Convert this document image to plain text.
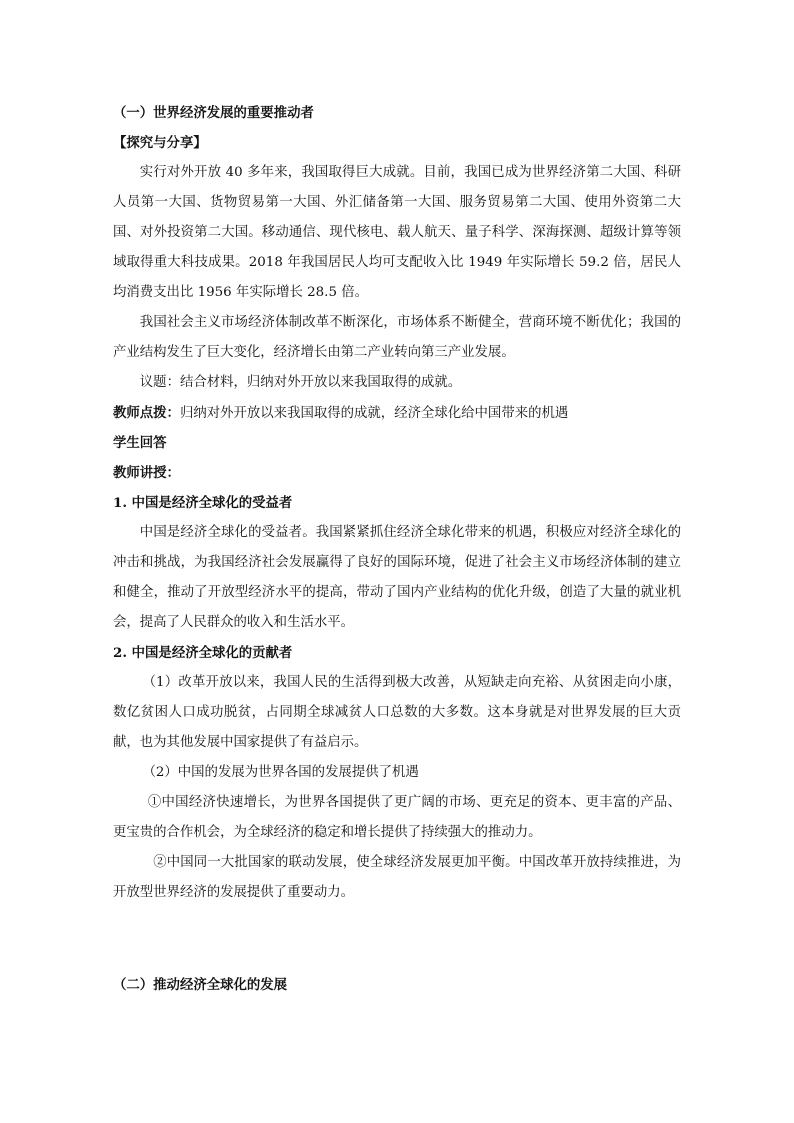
（一）世界经济发展的重要推动者
【探究与分享】

实行对外开放 40 多年来，我国取得巨大成就。目前，我国已成为世界经济第二大国、科研人员第一大国、货物贸易第一大国、外汇储备第一大国、服务贸易第二大国、使用外资第二大国、对外投资第二大国。移动通信、现代核电、载人航天、量子科学、深海探测、超级计算等领域取得重大科技成果。2018 年我国居民人均可支配收入比 1949 年实际增长 59.2 倍，居民人均消费支出比 1956 年实际增长 28.5 倍。

我国社会主义市场经济体制改革不断深化，市场体系不断健全，营商环境不断优化；我国的产业结构发生了巨大变化，经济增长由第二产业转向第三产业发展。

议题：结合材料，归纳对外开放以来我国取得的成就。

教师点拨：归纳对外开放以来我国取得的成就，经济全球化给中国带来的机遇
学生回答
教师讲授：
1. 中国是经济全球化的受益者

中国是经济全球化的受益者。我国紧紧抓住经济全球化带来的机遇，积极应对经济全球化的冲击和挑战，为我国经济社会发展赢得了良好的国际环境，促进了社会主义市场经济体制的建立和健全，推动了开放型经济水平的提高，带动了国内产业结构的优化升级，创造了大量的就业机会，提高了人民群众的收入和生活水平。

2. 中国是经济全球化的贡献者

（1）改革开放以来，我国人民的生活得到极大改善，从短缺走向充裕、从贫困走向小康，数亿贫困人口成功脱贫，占同期全球减贫人口总数的大多数。这本身就是对世界发展的巨大贡献，也为其他发展中国家提供了有益启示。

（2）中国的发展为世界各国的发展提供了机遇

①中国经济快速增长，为世界各国提供了更广阔的市场、更充足的资本、更丰富的产品、更宝贵的合作机会，为全球经济的稳定和增长提供了持续强大的推动力。

②中国同一大批国家的联动发展，使全球经济发展更加平衡。中国改革开放持续推进，为开放型世界经济的发展提供了重要动力。

（二）推动经济全球化的发展
